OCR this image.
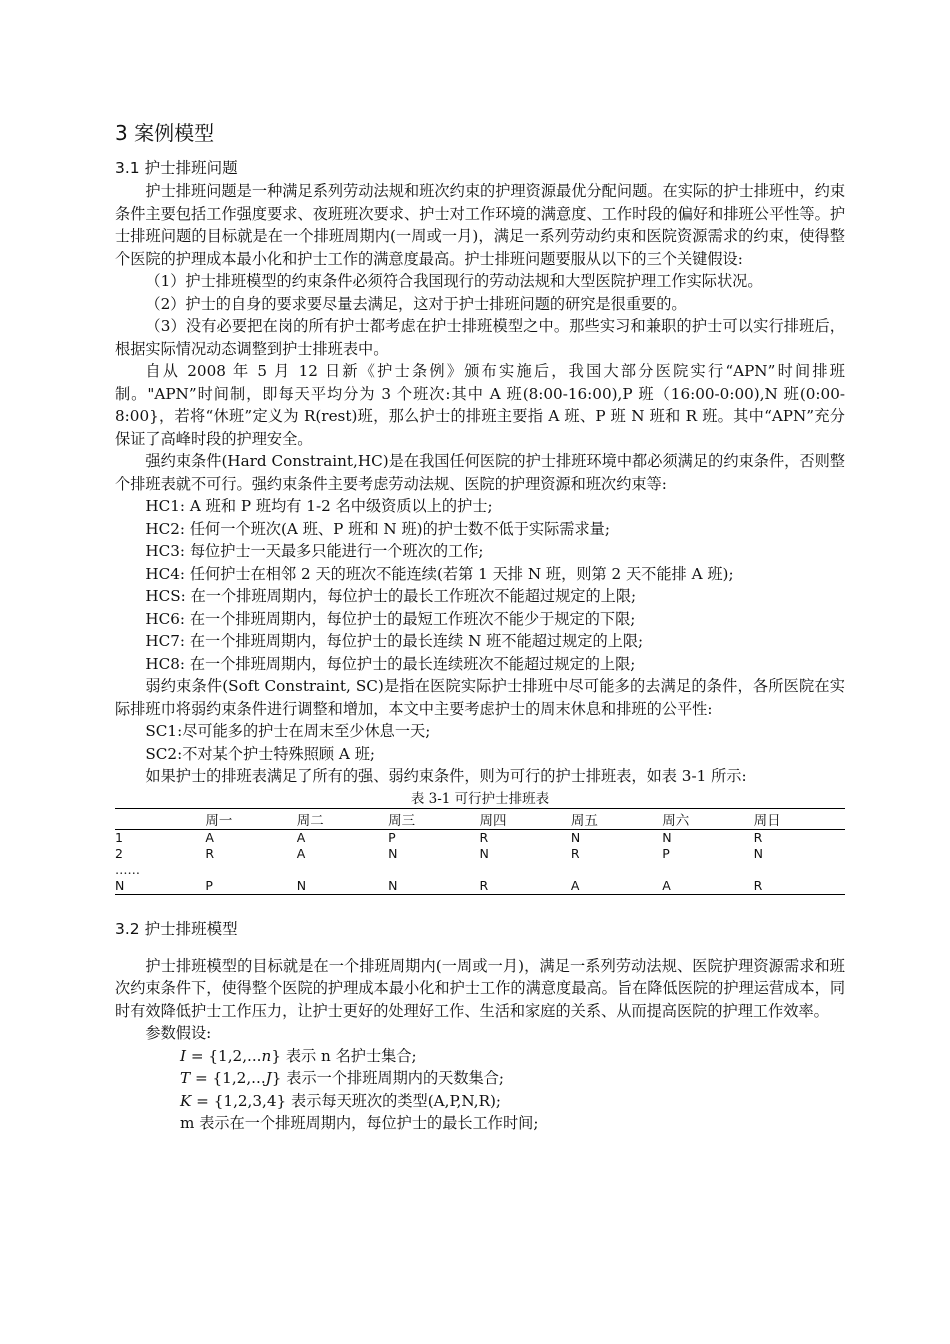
3 案例模型
3.1 护士排班问题

护士排班问题是一种满足系列劳动法规和班次约束的护理资源最优分配问题。在实际的护士排班中，约束条件主要包括工作强度要求、夜班班次要求、护士对工作环境的满意度、工作时段的偏好和排班公平性等。护士排班问题的目标就是在一个排班周期内(一周或一月)，满足一系列劳动约束和医院资源需求的约束，使得整个医院的护理成本最小化和护士工作的满意度最高。护士排班问题要服从以下的三个关键假设:

（1）护士排班模型的约束条件必须符合我国现行的劳动法规和大型医院护理工作实际状况。

（2）护士的自身的要求要尽量去满足，这对于护士排班问题的研究是很重要的。

（3）没有必要把在岗的所有护士都考虑在护士排班模型之中。那些实习和兼职的护士可以实行排班后，根据实际情况动态调整到护士排班表中。

自从 2008 年 5 月 12 日新《护士条例》颁布实施后，我国大部分医院实行“APN”时间排班制。"APN”时间制，即每天平均分为 3 个班次:其中 A 班(8:00-16:00),P 班（16:00-0:00),N 班(0:00-8:00}，若将“休班”定义为 R(rest)班，那么护士的排班主要指 A 班、P 班 N 班和 R 班。其中“APN”充分保证了高峰时段的护理安全。

强约束条件(Hard Constraint,HC)是在我国任何医院的护士排班环境中都必须满足的约束条件，否则整个排班表就不可行。强约束条件主要考虑劳动法规、医院的护理资源和班次约束等:

HC1: A 班和 P 班均有 1-2 名中级资质以上的护士;

HC2: 任何一个班次(A 班、P 班和 N 班)的护士数不低于实际需求量;

HC3: 每位护士一天最多只能进行一个班次的工作;

HC4: 任何护士在相邻 2 天的班次不能连续(若第 1 天排 N 班，则第 2 天不能排 A 班);

HCS: 在一个排班周期内，每位护士的最长工作班次不能超过规定的上限;

HC6: 在一个排班周期内，每位护士的最短工作班次不能少于规定的下限;

HC7: 在一个排班周期内，每位护士的最长连续 N 班不能超过规定的上限;

HC8: 在一个排班周期内，每位护士的最长连续班次不能超过规定的上限;

弱约束条件(Soft Constraint, SC)是指在医院实际护士排班中尽可能多的去满足的条件，各所医院在实际排班巾将弱约束条件进行调整和增加，本文中主要考虑护士的周末休息和排班的公平性:

SC1:尽可能多的护士在周末至少休息一天;

SC2:不对某个护士特殊照顾 A 班;

如果护士的排班表满足了所有的强、弱约束条件，则为可行的护士排班表，如表 3-1 所示:

表 3-1 可行护士排班表
	周一	周二	周三	周四	周五	周六	周日
1	A	A	P	R	N	N	R
2	R	A	N	N	R	P	N
……							
N	P	N	N	R	A	A	R
3.2 护士排班模型

护士排班模型的目标就是在一个排班周期内(一周或一月)，满足一系列劳动法规、医院护理资源需求和班次约束条件下，使得整个医院的护理成本最小化和护士工作的满意度最高。旨在降低医院的护理运营成本，同时有效降低护士工作压力，让护士更好的处理好工作、生活和家庭的关系、从而提高医院的护理工作效率。

参数假设:

I = {1,2,...n} 表示 n 名护士集合;

T = {1,2,...J} 表示一个排班周期内的天数集合;

K = {1,2,3,4} 表示每天班次的类型(A,P,N,R);

m 表示在一个排班周期内，每位护士的最长工作时间;
